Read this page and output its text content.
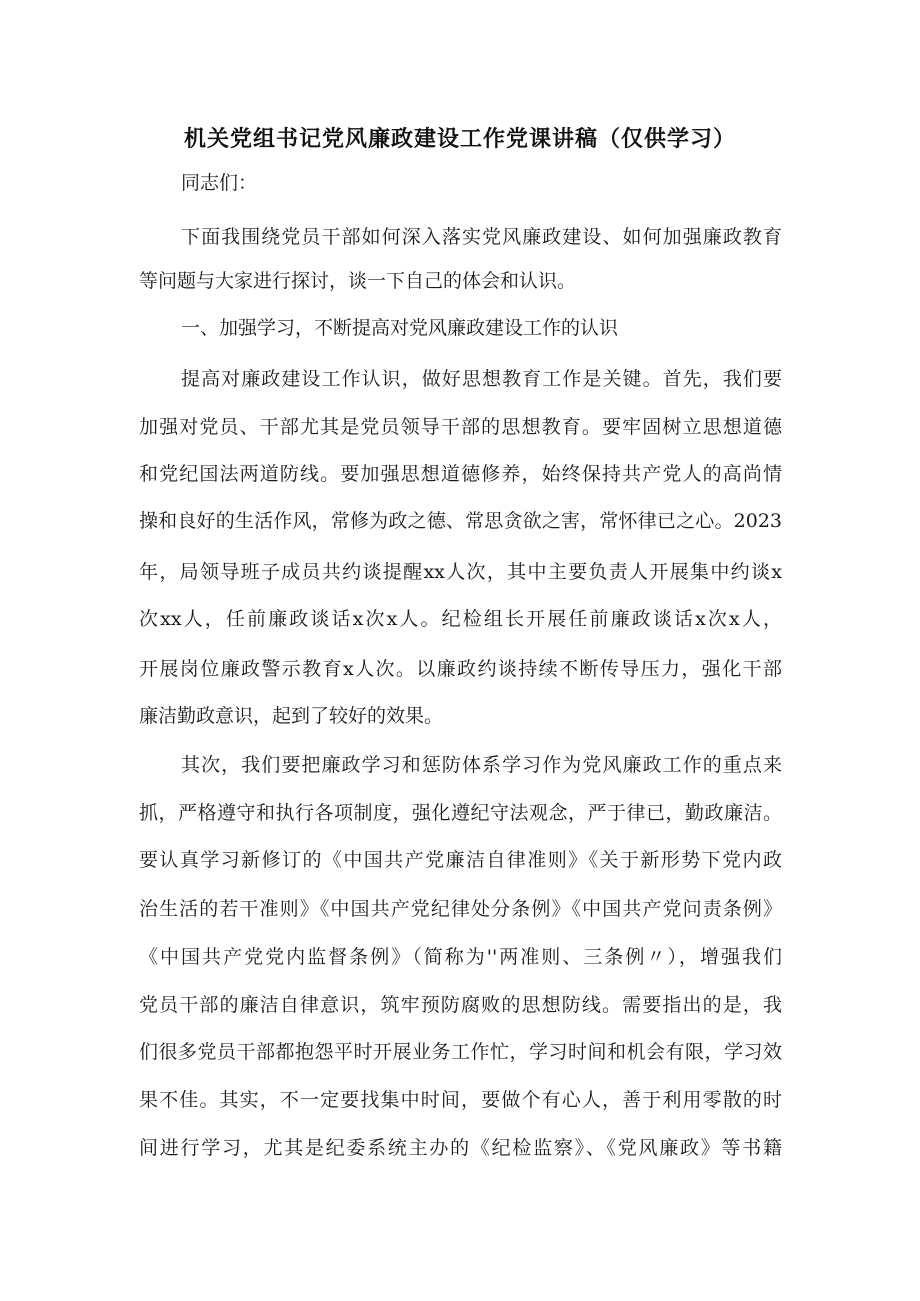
机关党组书记党风廉政建设工作党课讲稿（仅供学习）
同志们：
下面我围绕党员干部如何深入落实党风廉政建设、如何加强廉政教育
等问题与大家进行探讨，谈一下自己的体会和认识。
一、加强学习，不断提高对党风廉政建设工作的认识
提高对廉政建设工作认识，做好思想教育工作是关键。首先，我们要
加强对党员、干部尤其是党员领导干部的思想教育。要牢固树立思想道德
和党纪国法两道防线。要加强思想道德修养，始终保持共产党人的高尚情
操和良好的生活作风，常修为政之德、常思贪欲之害，常怀律已之心。2023
年，局领导班子成员共约谈提醒xx人次，其中主要负责人开展集中约谈x
次xx人，任前廉政谈话x次x人。纪检组长开展任前廉政谈话x次x人，
开展岗位廉政警示教育x人次。以廉政约谈持续不断传导压力，强化干部
廉洁勤政意识，起到了较好的效果。
其次，我们要把廉政学习和惩防体系学习作为党风廉政工作的重点来
抓，严格遵守和执行各项制度，强化遵纪守法观念，严于律已，勤政廉洁。
要认真学习新修订的《中国共产党廉洁自律准则》《关于新形势下党内政
治生活的若干准则》《中国共产党纪律处分条例》《中国共产党问责条例》
《中国共产党党内监督条例》（简称为''两准则、三条例〃），增强我们
党员干部的廉洁自律意识，筑牢预防腐败的思想防线。需要指出的是，我
们很多党员干部都抱怨平时开展业务工作忙，学习时间和机会有限，学习效
果不佳。其实，不一定要找集中时间，要做个有心人，善于利用零散的时
间进行学习，尤其是纪委系统主办的《纪检监察》、《党风廉政》等书籍
